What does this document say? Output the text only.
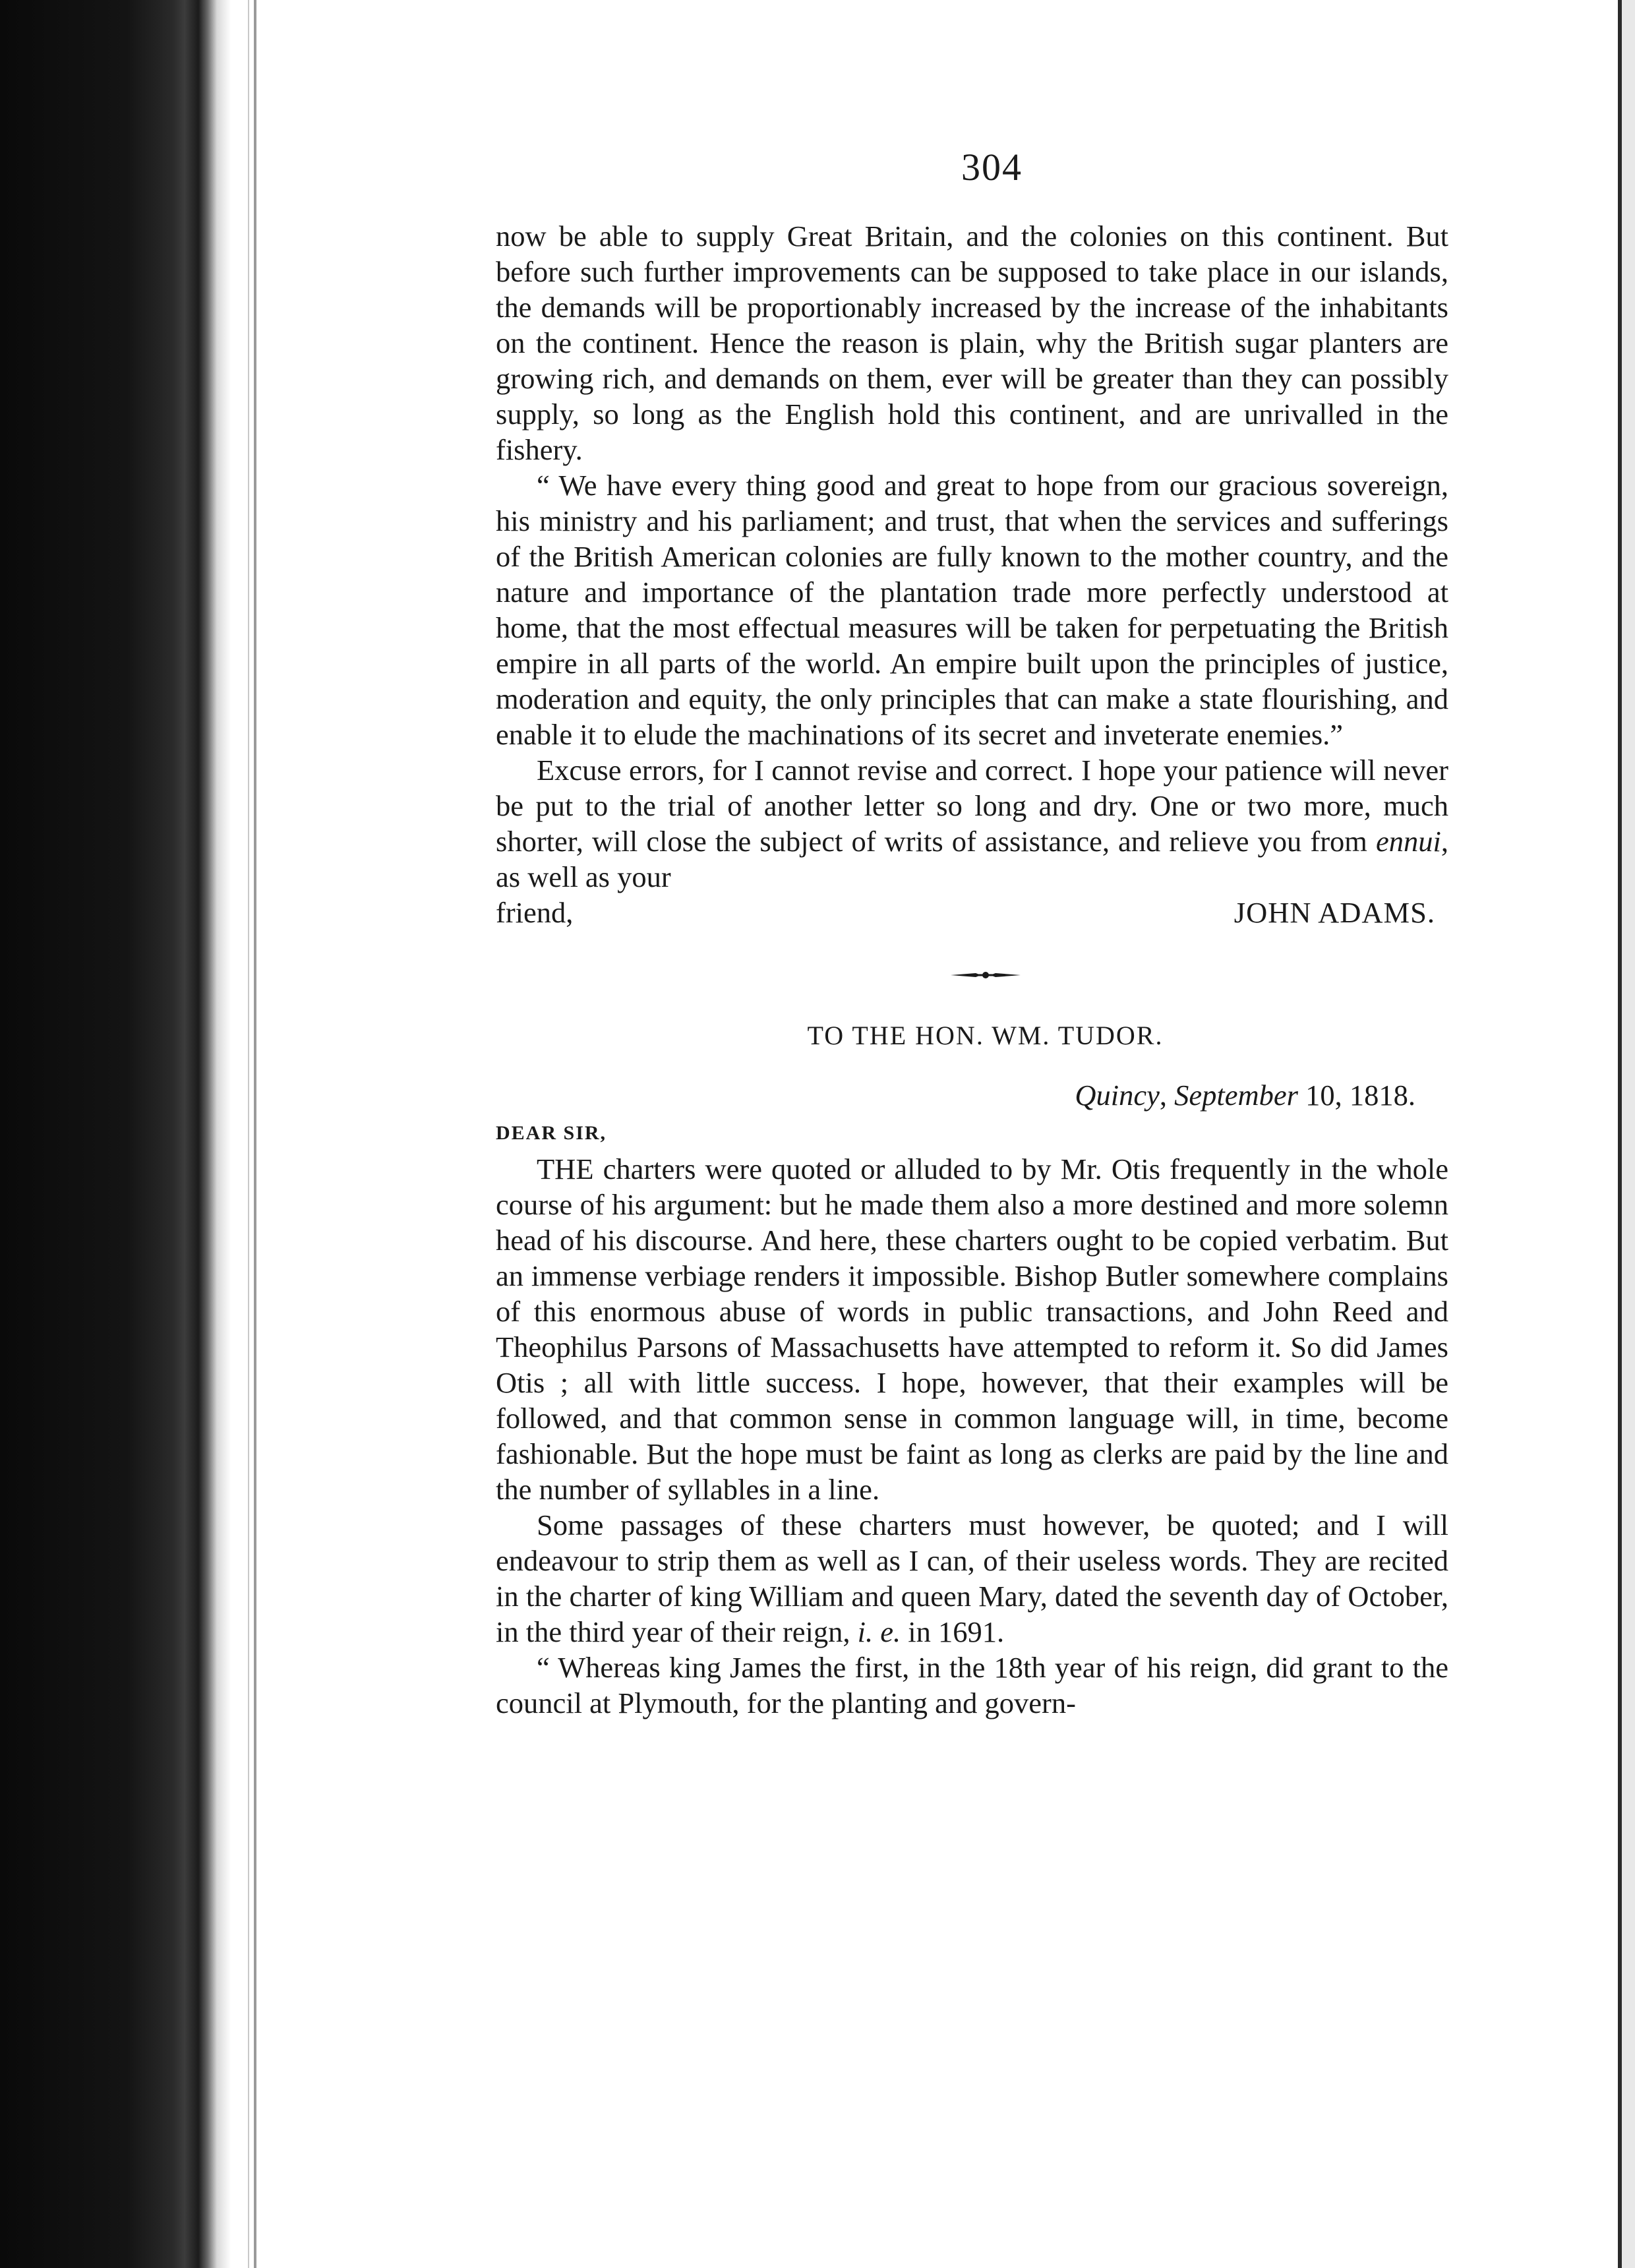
304

now be able to supply Great Britain, and the colonies on this continent. But before such further improvements can be supposed to take place in our islands, the demands will be proportionably increased by the increase of the inhabitants on the continent. Hence the reason is plain, why the British sugar planters are growing rich, and demands on them, ever will be greater than they can possibly supply, so long as the English hold this continent, and are unrivalled in the fishery.

“ We have every thing good and great to hope from our gracious sovereign, his ministry and his parliament; and trust, that when the services and sufferings of the British American colonies are fully known to the mother country, and the nature and importance of the plantation trade more perfectly understood at home, that the most effectual measures will be taken for perpetuating the British empire in all parts of the world. An empire built upon the principles of justice, moderation and equity, the only principles that can make a state flourishing, and enable it to elude the machinations of its secret and inveterate enemies.”

Excuse errors, for I cannot revise and correct. I hope your patience will never be put to the trial of another letter so long and dry. One or two more, much shorter, will close the subject of writs of assistance, and relieve you from ennui, as well as your

friend,	JOHN ADAMS.
TO THE HON. WM. TUDOR.
Quincy, September 10, 1818.
DEAR SIR,

THE charters were quoted or alluded to by Mr. Otis frequently in the whole course of his argument: but he made them also a more destined and more solemn head of his discourse. And here, these charters ought to be copied verbatim. But an immense verbiage renders it impossible. Bishop Butler somewhere complains of this enormous abuse of words in public transactions, and John Reed and Theophilus Parsons of Massachusetts have attempted to reform it. So did James Otis ; all with little success. I hope, however, that their examples will be followed, and that common sense in common language will, in time, become fashionable. But the hope must be faint as long as clerks are paid by the line and the number of syllables in a line.

Some passages of these charters must however, be quoted; and I will endeavour to strip them as well as I can, of their useless words. They are recited in the charter of king William and queen Mary, dated the seventh day of October, in the third year of their reign, i. e. in 1691.

“ Whereas king James the first, in the 18th year of his reign, did grant to the council at Plymouth, for the planting and govern-
